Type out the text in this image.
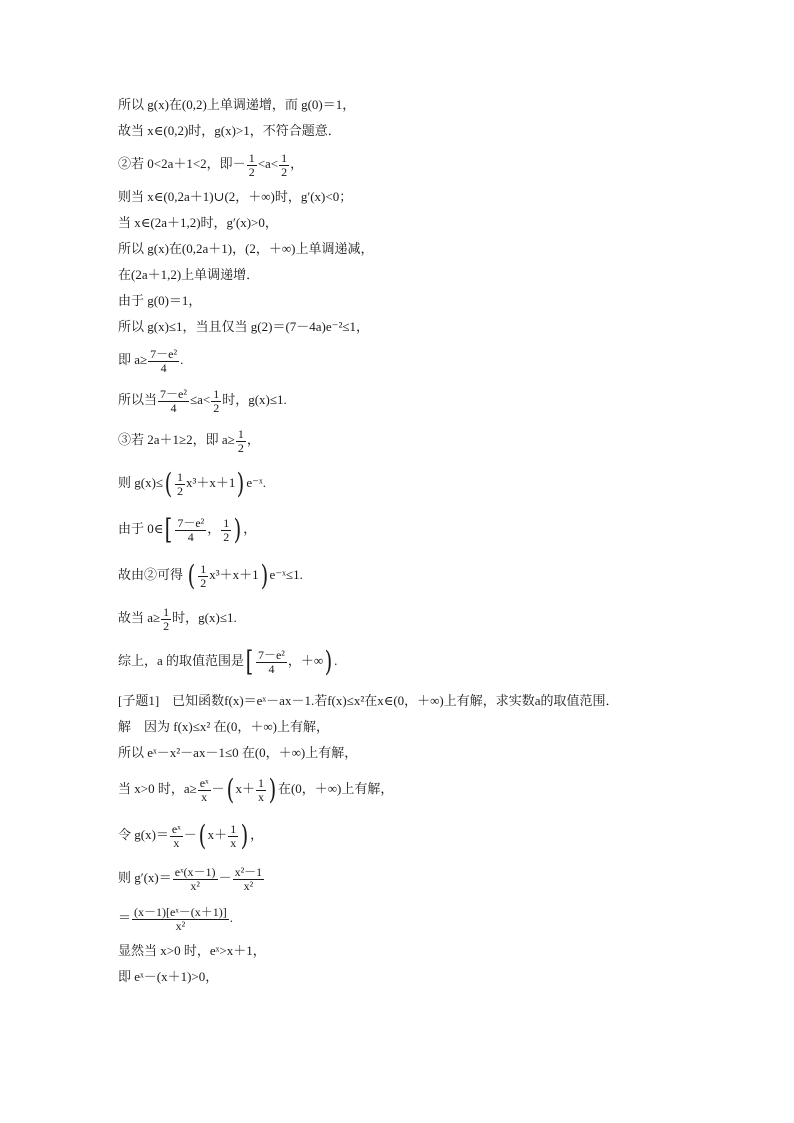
所以 g(x)在(0,2)上单调递增，而 g(0)＝1，
故当 x∈(0,2)时，g(x)>1，不符合题意．
②若 0<2a＋1<2，即－ $\frac{1}{2} <a< \frac{1}{2}$ ，
则当 x∈(0,2a＋1)∪(2，＋∞)时，g′(x)<0；
当 x∈(2a＋1,2)时，g′(x)>0，
所以 g(x)在(0,2a＋1)，(2，＋∞)上单调递减，
在(2a＋1,2)上单调递增．
由于 g(0)＝1，
所以 g(x)≤1，当且仅当 g(2)＝(7－4a)e⁻²≤1，
即 $a\ge \frac{\text{7－e²}}{4}$ .
所以当 $\frac{\text{7－e²}}{4} \le a< \frac{1}{2}$ 时，g(x)≤1.
③若 2a＋1≥2，即 $a\ge \frac{1}{2}$ ，
则 $g(x)\le( \frac{1}{2} x^3+x+1)$ e⁻ˣ.
由于 0∈[ $\frac{\text{7－e²}}{4}$ ， $\frac{1}{2}$ ) ，
故由②可得 ( $\frac{1}{2} x^3+x+1$) e⁻ˣ≤1.
故当 $a\ge \frac{1}{2}$ 时，g(x)≤1.
综上，a 的取值范围是[ $\frac{\text{7－e²}}{4}$ ，＋∞) .
[子题1]　已知函数f(x)＝eˣ－ax－1.若f(x)≤x²在x∈(0，＋∞)上有解，求实数a的取值范围．
解　因为 f(x)≤x² 在(0，＋∞)上有解，
所以 eˣ－x²－ax－1≤0 在(0，＋∞)上有解，
当 x>0 时，$a\ge \frac{\text{eˣ}}{x}$ －( $x+ \frac{1}{x}$ ) 在(0，＋∞)上有解，
令 $g(x)= \frac{\text{eˣ}}{x}$ －( $x+ \frac{1}{x}$ ) ，
则 $g'(x)= \frac{\text{eˣ(x－1)}}{\text{x²}} - \frac{\text{x²－1}}{\text{x²}}$
＝ $\frac{\text{(x－1)[eˣ－(x＋1)]}}{\text{x²}}$ .
显然当 x>0 时，eˣ>x＋1，
即 eˣ－(x＋1)>0，
